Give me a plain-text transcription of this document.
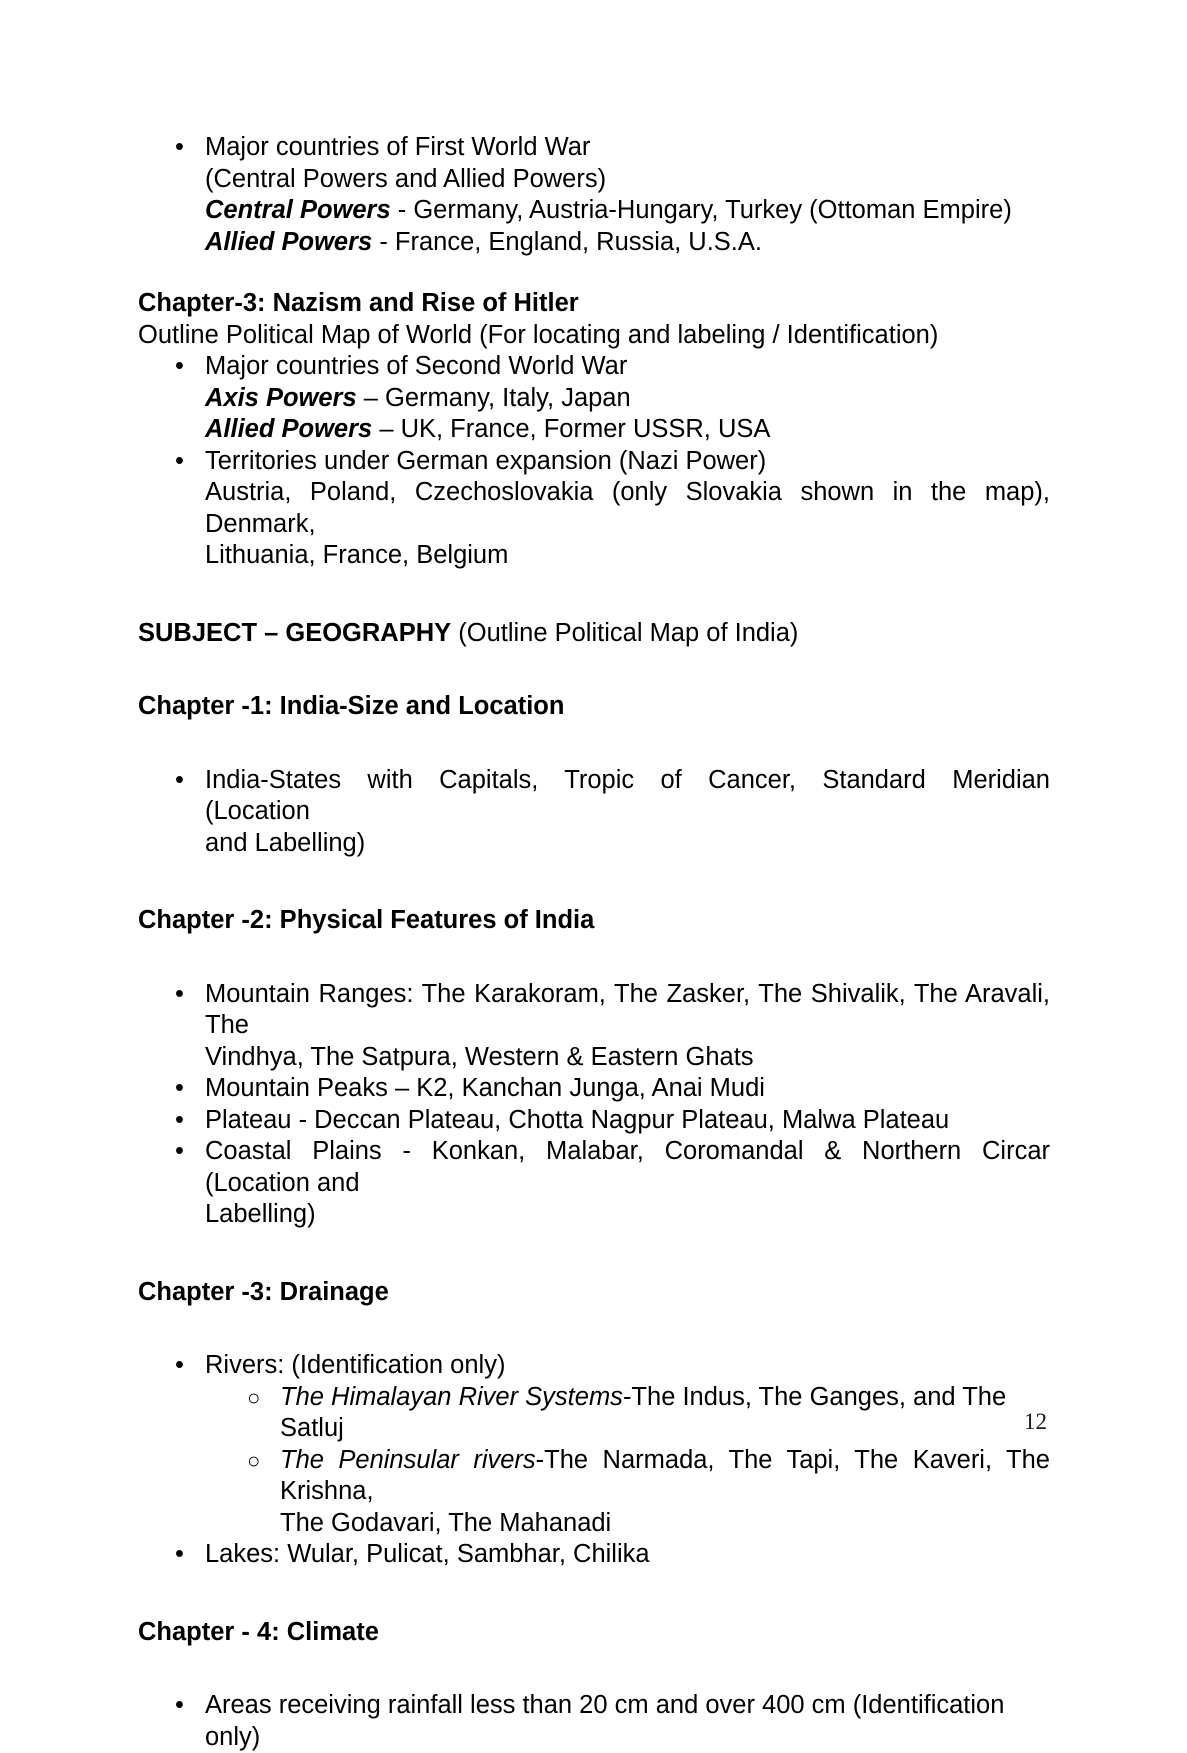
• Major countries of First World War
(Central Powers and Allied Powers)
Central Powers - Germany, Austria-Hungary, Turkey (Ottoman Empire)
Allied Powers - France, England, Russia, U.S.A.
Chapter-3: Nazism and Rise of Hitler
Outline Political Map of World (For locating and labeling / Identification)
• Major countries of Second World War
Axis Powers – Germany, Italy, Japan
Allied Powers – UK, France, Former USSR, USA
• Territories under German expansion (Nazi Power)
Austria, Poland, Czechoslovakia (only Slovakia shown in the map), Denmark,
Lithuania, France, Belgium
SUBJECT – GEOGRAPHY (Outline Political Map of India)
Chapter -1: India-Size and Location
• India-States with Capitals, Tropic of Cancer, Standard Meridian (Location
and Labelling)
Chapter -2: Physical Features of India
• Mountain Ranges: The Karakoram, The Zasker, The Shivalik, The Aravali, The
Vindhya, The Satpura, Western & Eastern Ghats
• Mountain Peaks – K2, Kanchan Junga, Anai Mudi
• Plateau - Deccan Plateau, Chotta Nagpur Plateau, Malwa Plateau
• Coastal Plains - Konkan, Malabar, Coromandal & Northern Circar (Location and
Labelling)
Chapter -3: Drainage
• Rivers: (Identification only)
○ The Himalayan River Systems-The Indus, The Ganges, and The Satluj
○ The Peninsular rivers-The Narmada, The Tapi, The Kaveri, The Krishna,
The Godavari, The Mahanadi
• Lakes: Wular, Pulicat, Sambhar, Chilika
Chapter - 4: Climate
• Areas receiving rainfall less than 20 cm and over 400 cm (Identification only)
12
